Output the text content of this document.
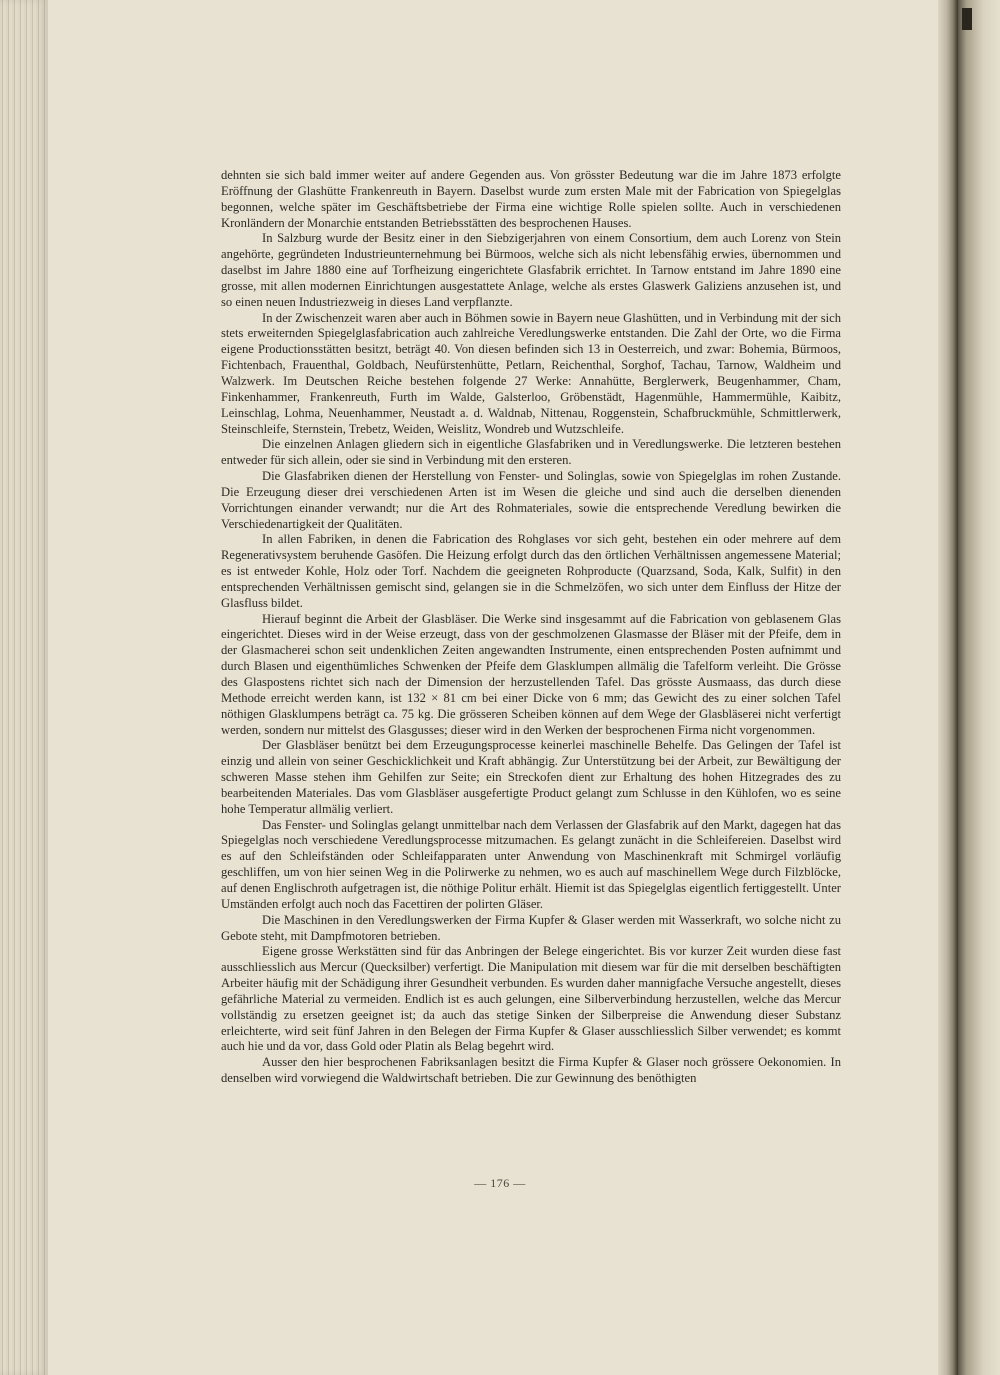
dehnten sie sich bald immer weiter auf andere Gegenden aus. Von grösster Bedeutung war die im Jahre 1873 erfolgte Eröffnung der Glashütte Frankenreuth in Bayern. Daselbst wurde zum ersten Male mit der Fabrication von Spiegelglas begonnen, welche später im Geschäftsbetriebe der Firma eine wichtige Rolle spielen sollte. Auch in verschiedenen Kronländern der Monarchie entstanden Betriebsstätten des besprochenen Hauses.

In Salzburg wurde der Besitz einer in den Siebzigerjahren von einem Consortium, dem auch Lorenz von Stein angehörte, gegründeten Industrieunternehmung bei Bürmoos, welche sich als nicht lebensfähig erwies, übernommen und daselbst im Jahre 1880 eine auf Torfheizung eingerichtete Glasfabrik errichtet. In Tarnow entstand im Jahre 1890 eine grosse, mit allen modernen Einrichtungen ausgestattete Anlage, welche als erstes Glaswerk Galiziens anzusehen ist, und so einen neuen Industriezweig in dieses Land verpflanzte.

In der Zwischenzeit waren aber auch in Böhmen sowie in Bayern neue Glashütten, und in Verbindung mit der sich stets erweiternden Spiegelglasfabrication auch zahlreiche Veredlungswerke entstanden. Die Zahl der Orte, wo die Firma eigene Productionsstätten besitzt, beträgt 40. Von diesen befinden sich 13 in Oesterreich, und zwar: Bohemia, Bürmoos, Fichtenbach, Frauenthal, Goldbach, Neufürstenhütte, Petlarn, Reichenthal, Sorghof, Tachau, Tarnow, Waldheim und Walzwerk. Im Deutschen Reiche bestehen folgende 27 Werke: Annahütte, Berglerwerk, Beugenhammer, Cham, Finkenhammer, Frankenreuth, Furth im Walde, Galsterloo, Gröbenstädt, Hagenmühle, Hammermühle, Kaibitz, Leinschlag, Lohma, Neuenhammer, Neustadt a. d. Waldnab, Nittenau, Roggenstein, Schafbruckmühle, Schmittlerwerk, Steinschleife, Sternstein, Trebetz, Weiden, Weislitz, Wondreb und Wutzschleife.

Die einzelnen Anlagen gliedern sich in eigentliche Glasfabriken und in Veredlungswerke. Die letzteren bestehen entweder für sich allein, oder sie sind in Verbindung mit den ersteren.

Die Glasfabriken dienen der Herstellung von Fenster- und Solinglas, sowie von Spiegelglas im rohen Zustande. Die Erzeugung dieser drei verschiedenen Arten ist im Wesen die gleiche und sind auch die derselben dienenden Vorrichtungen einander verwandt; nur die Art des Rohmateriales, sowie die entsprechende Veredlung bewirken die Verschiedenartigkeit der Qualitäten.

In allen Fabriken, in denen die Fabrication des Rohglases vor sich geht, bestehen ein oder mehrere auf dem Regenerativsystem beruhende Gasöfen. Die Heizung erfolgt durch das den örtlichen Verhältnissen angemessene Material; es ist entweder Kohle, Holz oder Torf. Nachdem die geeigneten Rohproducte (Quarzsand, Soda, Kalk, Sulfit) in den entsprechenden Verhältnissen gemischt sind, gelangen sie in die Schmelzöfen, wo sich unter dem Einfluss der Hitze der Glasfluss bildet.

Hierauf beginnt die Arbeit der Glasbläser. Die Werke sind insgesammt auf die Fabrication von geblasenem Glas eingerichtet. Dieses wird in der Weise erzeugt, dass von der geschmolzenen Glasmasse der Bläser mit der Pfeife, dem in der Glasmacherei schon seit undenklichen Zeiten angewandten Instrumente, einen entsprechenden Posten aufnimmt und durch Blasen und eigenthümliches Schwenken der Pfeife dem Glasklumpen allmälig die Tafelform verleiht. Die Grösse des Glaspostens richtet sich nach der Dimension der herzustellenden Tafel. Das grösste Ausmaass, das durch diese Methode erreicht werden kann, ist 132 × 81 cm bei einer Dicke von 6 mm; das Gewicht des zu einer solchen Tafel nöthigen Glasklumpens beträgt ca. 75 kg. Die grösseren Scheiben können auf dem Wege der Glasbläserei nicht verfertigt werden, sondern nur mittelst des Glasgusses; dieser wird in den Werken der besprochenen Firma nicht vorgenommen.

Der Glasbläser benützt bei dem Erzeugungsprocesse keinerlei maschinelle Behelfe. Das Gelingen der Tafel ist einzig und allein von seiner Geschicklichkeit und Kraft abhängig. Zur Unterstützung bei der Arbeit, zur Bewältigung der schweren Masse stehen ihm Gehilfen zur Seite; ein Streckofen dient zur Erhaltung des hohen Hitzegrades des zu bearbeitenden Materiales. Das vom Glasbläser ausgefertigte Product gelangt zum Schlusse in den Kühlofen, wo es seine hohe Temperatur allmälig verliert.

Das Fenster- und Solinglas gelangt unmittelbar nach dem Verlassen der Glasfabrik auf den Markt, dagegen hat das Spiegelglas noch verschiedene Veredlungsprocesse mitzumachen. Es gelangt zunächt in die Schleifereien. Daselbst wird es auf den Schleifständen oder Schleifapparaten unter Anwendung von Maschinenkraft mit Schmirgel vorläufig geschliffen, um von hier seinen Weg in die Polirwerke zu nehmen, wo es auch auf maschinellem Wege durch Filzblöcke, auf denen Englischroth aufgetragen ist, die nöthige Politur erhält. Hiemit ist das Spiegelglas eigentlich fertiggestellt. Unter Umständen erfolgt auch noch das Facettiren der polirten Gläser.

Die Maschinen in den Veredlungswerken der Firma Kupfer & Glaser werden mit Wasserkraft, wo solche nicht zu Gebote steht, mit Dampfmotoren betrieben.

Eigene grosse Werkstätten sind für das Anbringen der Belege eingerichtet. Bis vor kurzer Zeit wurden diese fast ausschliesslich aus Mercur (Quecksilber) verfertigt. Die Manipulation mit diesem war für die mit derselben beschäftigten Arbeiter häufig mit der Schädigung ihrer Gesundheit verbunden. Es wurden daher mannigfache Versuche angestellt, dieses gefährliche Material zu vermeiden. Endlich ist es auch gelungen, eine Silberverbindung herzustellen, welche das Mercur vollständig zu ersetzen geeignet ist; da auch das stetige Sinken der Silberpreise die Anwendung dieser Substanz erleichterte, wird seit fünf Jahren in den Belegen der Firma Kupfer & Glaser ausschliesslich Silber verwendet; es kommt auch hie und da vor, dass Gold oder Platin als Belag begehrt wird.

Ausser den hier besprochenen Fabriksanlagen besitzt die Firma Kupfer & Glaser noch grössere Oekonomien. In denselben wird vorwiegend die Waldwirtschaft betrieben. Die zur Gewinnung des benöthigten

— 176 —
